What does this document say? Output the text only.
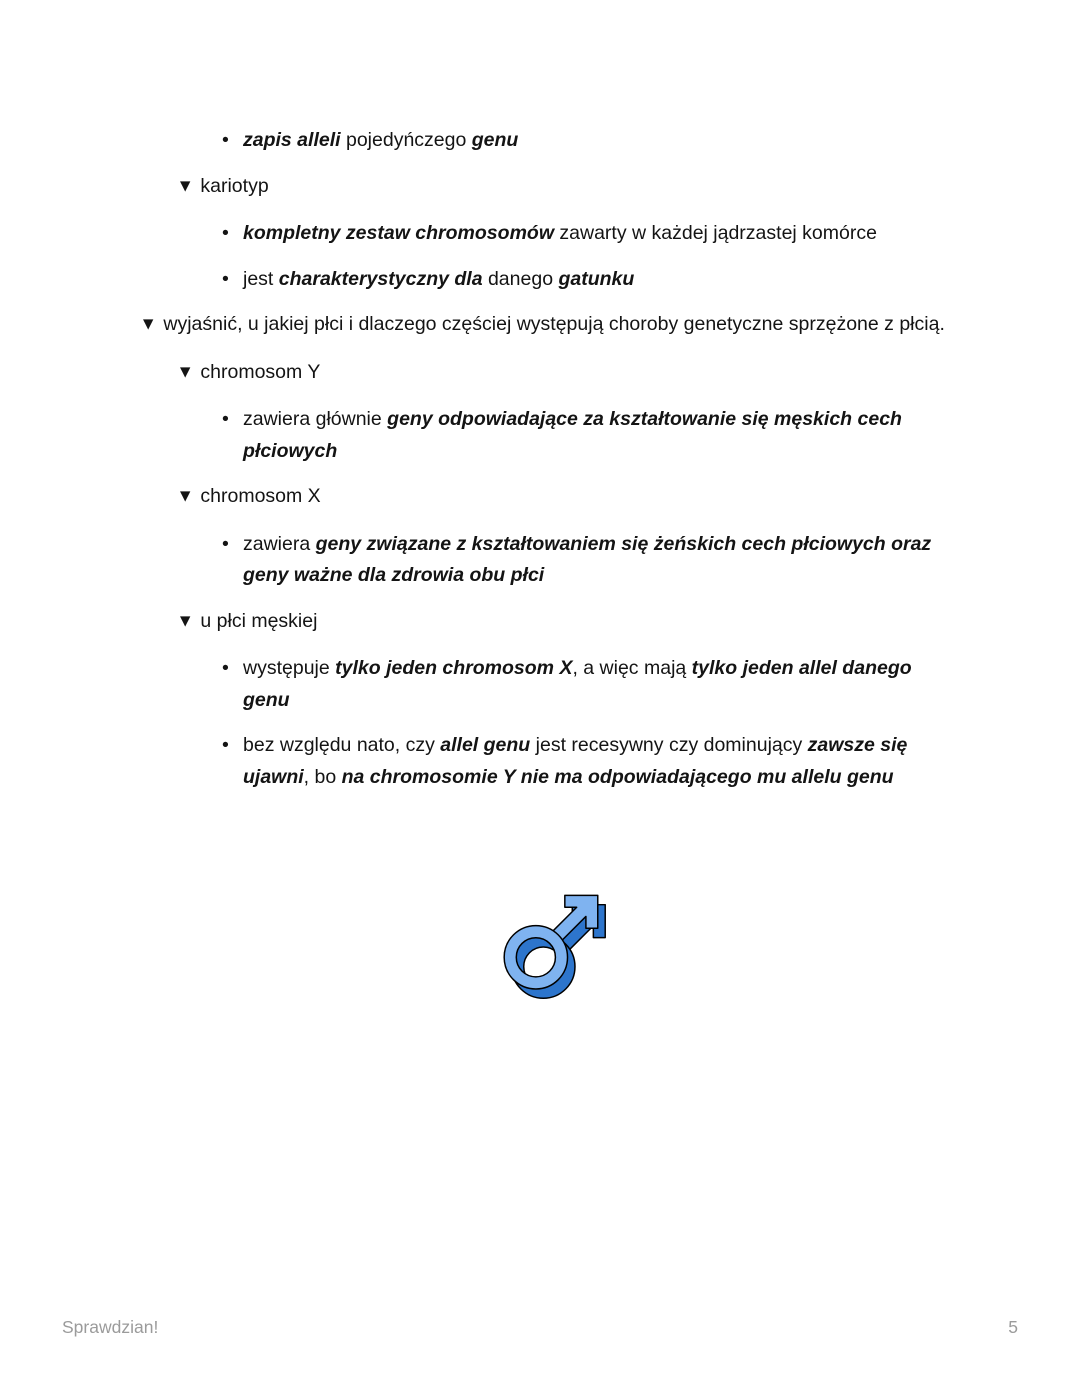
• zapis alleli pojedyńczego genu
▼ kariotyp
• kompletny zestaw chromosomów zawarty w każdej jądrzastej komórce
• jest charakterystyczny dla danego gatunku
▼ wyjaśnić, u jakiej płci i dlaczego częściej występują choroby genetyczne sprzężone z płcią.
▼ chromosom Y
• zawiera głównie geny odpowiadające za kształtowanie się męskich cech płciowych
▼ chromosom X
• zawiera geny związane z kształtowaniem się żeńskich cech płciowych oraz geny ważne dla zdrowia obu płci
▼ u płci męskiej
• występuje tylko jeden chromosom X, a więc mają tylko jeden allel danego genu
• bez względu nato, czy allel genu jest recesywny czy dominujący zawsze się ujawni, bo na chromosomie Y nie ma odpowiadającego mu allelu genu
Sprawdzian!	5
